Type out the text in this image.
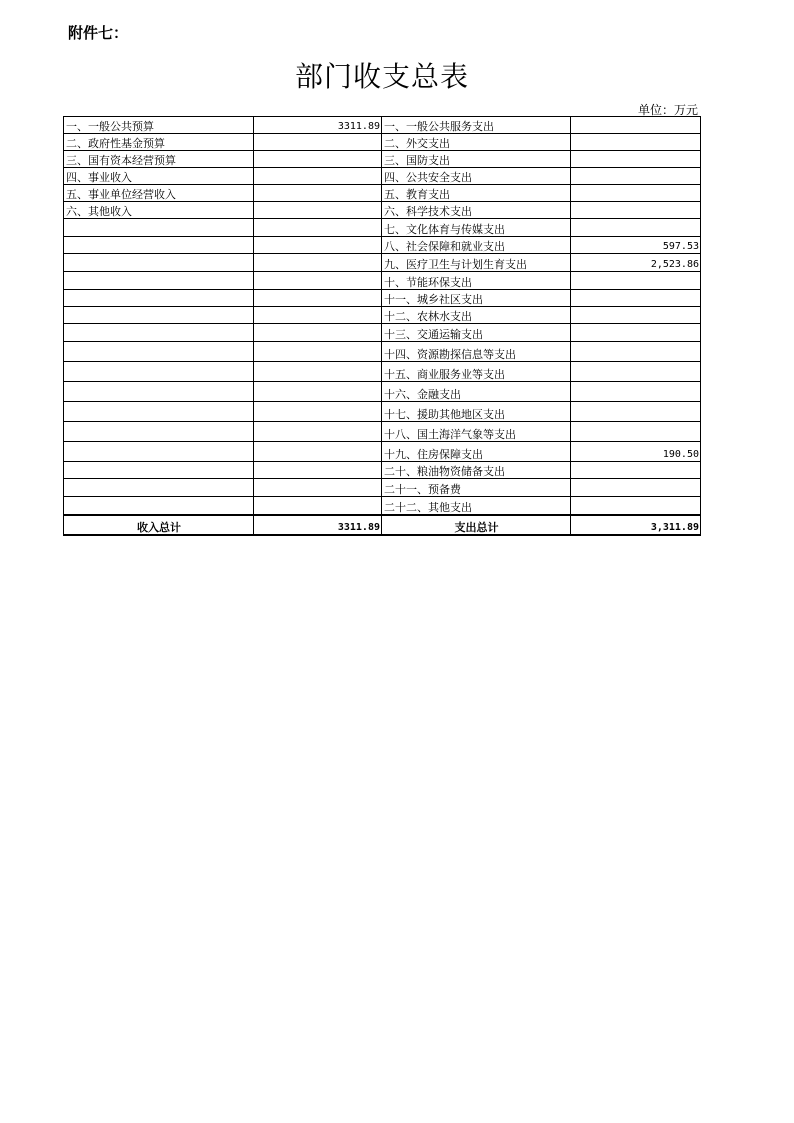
附件七：
部门收支总表
单位：万元
一、一般公共预算	3311.89	一、一般公共服务支出	
二、政府性基金预算		二、外交支出	
三、国有资本经营预算		三、国防支出	
四、事业收入		四、公共安全支出	
五、事业单位经营收入		五、教育支出	
六、其他收入		六、科学技术支出	
		七、文化体育与传媒支出	
		八、社会保障和就业支出	597.53
		九、医疗卫生与计划生育支出	2,523.86
		十、节能环保支出	
		十一、城乡社区支出	
		十二、农林水支出	
		十三、交通运输支出	
		十四、资源勘探信息等支出	
		十五、商业服务业等支出	
		十六、金融支出	
		十七、援助其他地区支出	
		十八、国土海洋气象等支出	
		十九、住房保障支出	190.50
		二十、粮油物资储备支出	
		二十一、预备费	
		二十二、其他支出	
收入总计	3311.89	支出总计	3,311.89
